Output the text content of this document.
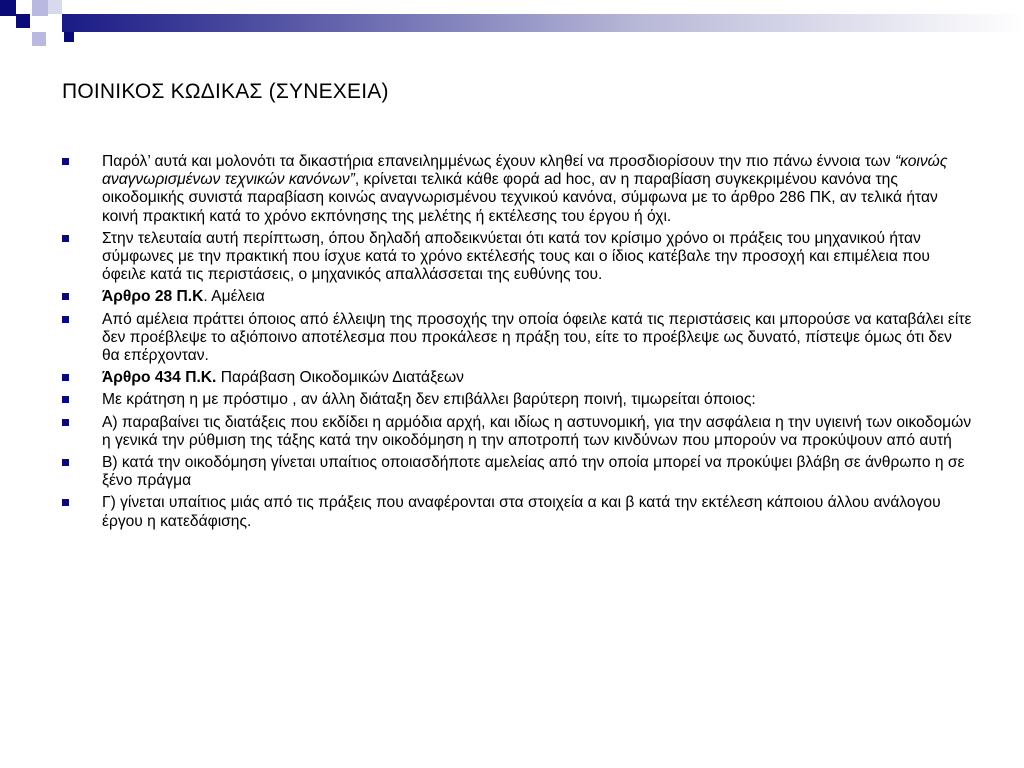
ΠΟΙΝΙΚΟΣ ΚΩΔΙΚΑΣ (ΣΥΝΕΧΕΙΑ)
Παρόλ’ αυτά και μολονότι τα δικαστήρια επανειλημμένως έχουν κληθεί να προσδιορίσουν την πιο πάνω έννοια των “κοινώς αναγνωρισμένων τεχνικών κανόνων”, κρίνεται τελικά κάθε φορά ad hoc, αν η παραβίαση συγκεκριμένου κανόνα της οικοδομικής συνιστά παραβίαση κοινώς αναγνωρισμένου τεχνικού κανόνα, σύμφωνα με το άρθρο 286 ΠΚ, αν τελικά ήταν κοινή πρακτική κατά το χρόνο εκπόνησης της μελέτης ή εκτέλεσης του έργου ή όχι.
Στην τελευταία αυτή περίπτωση, όπου δηλαδή αποδεικνύεται ότι κατά τον κρίσιμο χρόνο οι πράξεις του μηχανικού ήταν σύμφωνες με την πρακτική που ίσχυε κατά το χρόνο εκτέλεσής τους και ο ίδιος κατέβαλε την προσοχή και επιμέλεια που όφειλε κατά τις περιστάσεις, ο μηχανικός απαλλάσσεται της ευθύνης του.
Άρθρο 28 Π.Κ. Αμέλεια
Από αμέλεια πράττει όποιος από έλλειψη της προσοχής την οποία όφειλε κατά τις περιστάσεις και μπορούσε να καταβάλει είτε δεν προέβλεψε το αξιόποινο αποτέλεσμα που προκάλεσε η πράξη του, είτε το προέβλεψε ως δυνατό, πίστεψε όμως ότι δεν θα επέρχονταν.
Άρθρο 434 Π.Κ. Παράβαση Οικοδομικών Διατάξεων
Με κράτηση η με πρόστιμο , αν άλλη διάταξη δεν επιβάλλει βαρύτερη ποινή, τιμωρείται όποιος:
Α) παραβαίνει τις διατάξεις που εκδίδει η αρμόδια αρχή, και ιδίως η αστυνομική, για την ασφάλεια η την υγιεινή των οικοδομών η γενικά την ρύθμιση της τάξης κατά την οικοδόμηση η την αποτροπή των κινδύνων που μπορούν να προκύψουν από αυτή
Β) κατά την οικοδόμηση γίνεται υπαίτιος οποιασδήποτε αμελείας από την οποία μπορεί να προκύψει βλάβη σε άνθρωπο η σε ξένο πράγμα
Γ) γίνεται υπαίτιος μιάς από τις πράξεις που αναφέρονται στα στοιχεία α και β κατά την εκτέλεση κάποιου άλλου ανάλογου έργου η κατεδάφισης.
